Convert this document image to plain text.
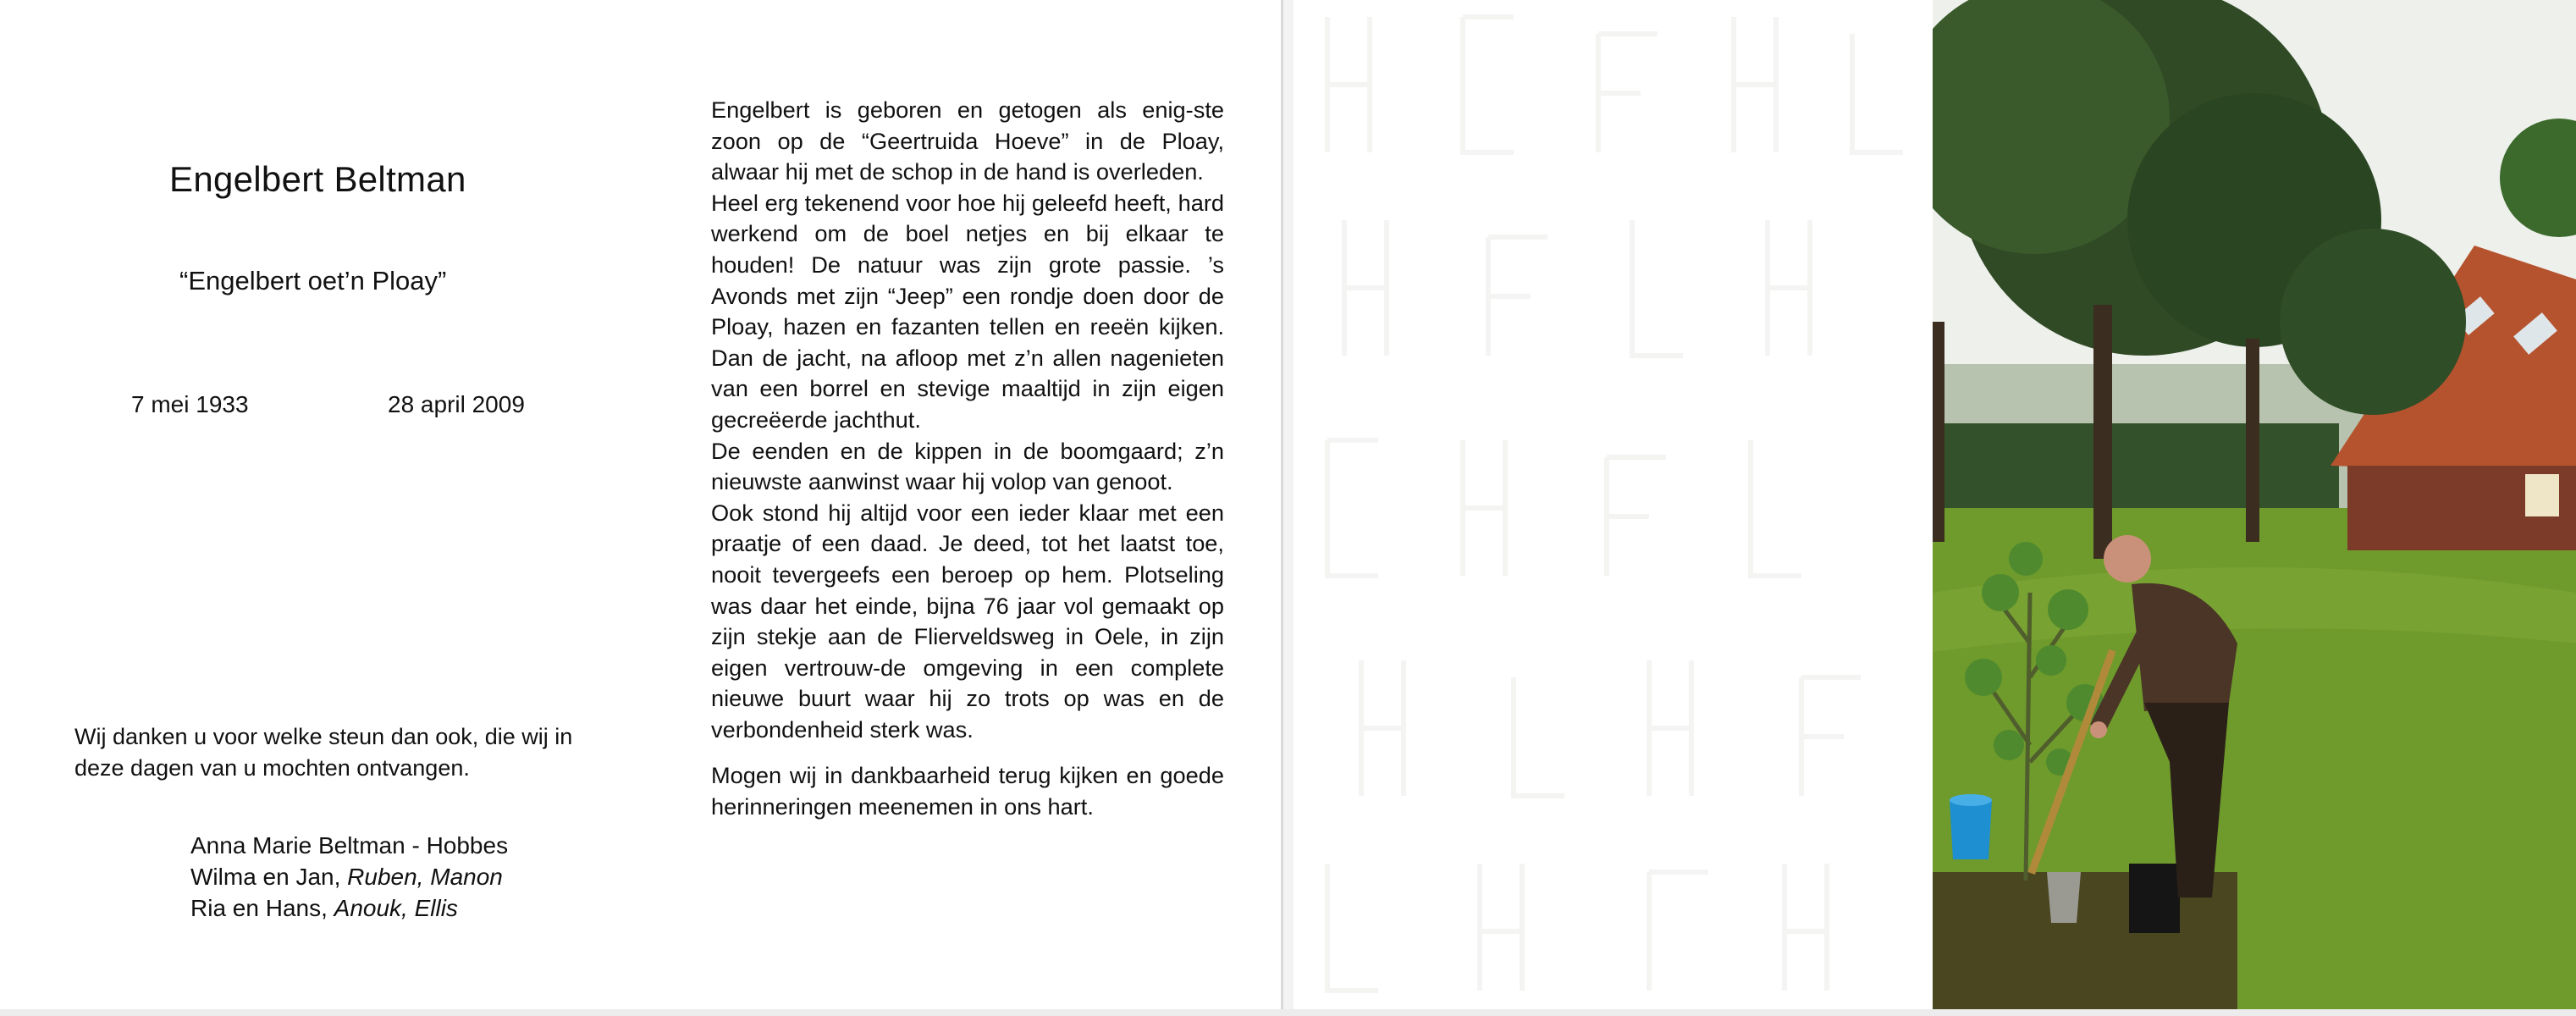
Engelbert Beltman
“Engelbert oet’n Ploay”
7 mei 1933	28 april 2009
Wij danken u voor welke steun dan ook, die wij in deze dagen van u mochten ontvangen.
Anna Marie Beltman - Hobbes
Wilma en Jan, Ruben, Manon
Ria en Hans, Anouk, Ellis

Engelbert is geboren en getogen als enig-ste zoon op de “Geertruida Hoeve” in de Ploay, alwaar hij met de schop in de hand is overleden.

Heel erg tekenend voor hoe hij geleefd heeft, hard werkend om de boel netjes en bij elkaar te houden! De natuur was zijn grote passie. ’s Avonds met zijn “Jeep” een rondje doen door de Ploay, hazen en fazanten tellen en reeën kijken. Dan de jacht, na afloop met z’n allen nagenieten van een borrel en stevige maaltijd in zijn eigen gecreëerde jachthut.

De eenden en de kippen in de boomgaard; z’n nieuwste aanwinst waar hij volop van genoot.

Ook stond hij altijd voor een ieder klaar met een praatje of een daad. Je deed, tot het laatst toe, nooit tevergeefs een beroep op hem. Plotseling was daar het einde, bijna 76 jaar vol gemaakt op zijn stekje aan de Flierveldsweg in Oele, in zijn eigen vertrouw-de omgeving in een complete nieuwe buurt waar hij zo trots op was en de verbondenheid sterk was.

Mogen wij in dankbaarheid terug kijken en goede herinneringen meenemen in ons hart.
